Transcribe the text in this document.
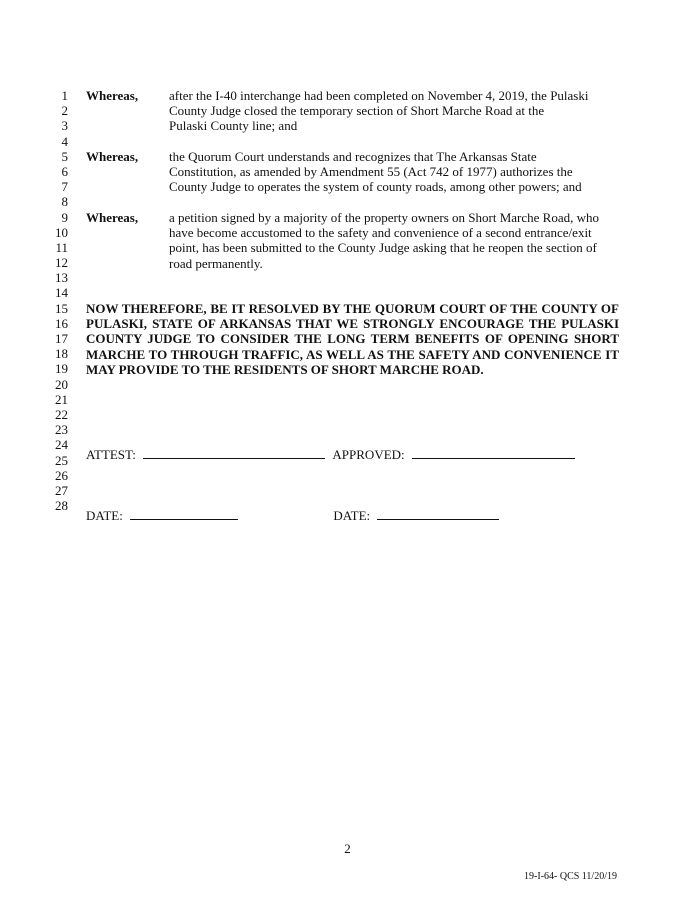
1
2
3
4
5
6
7
8
9
10
11
12
13
14
15
16
17
18
19
20
21
22
23
24
25
26
27
28
Whereas, after the I-40 interchange had been completed on November 4, 2019, the Pulaski
County Judge closed the temporary section of Short Marche Road at the
Pulaski County line; and
Whereas, the Quorum Court understands and recognizes that The Arkansas State
Constitution, as amended by Amendment 55 (Act 742 of 1977) authorizes the
County Judge to operates the system of county roads, among other powers; and
Whereas, a petition signed by a majority of the property owners on Short Marche Road, who
have become accustomed to the safety and convenience of a second entrance/exit
point, has been submitted to the County Judge asking that he reopen the section of
road permanently.
NOW THEREFORE, BE IT RESOLVED BY THE QUORUM COURT OF THE COUNTY OF PULASKI, STATE OF ARKANSAS THAT WE STRONGLY ENCOURAGE THE PULASKI COUNTY JUDGE TO CONSIDER THE LONG TERM BENEFITS OF OPENING SHORT MARCHE TO THROUGH TRAFFIC, AS WELL AS THE SAFETY AND CONVENIENCE IT MAY PROVIDE TO THE RESIDENTS OF SHORT MARCHE ROAD.
ATTEST:	APPROVED:
DATE:	DATE:
2
19-I-64- QCS 11/20/19
